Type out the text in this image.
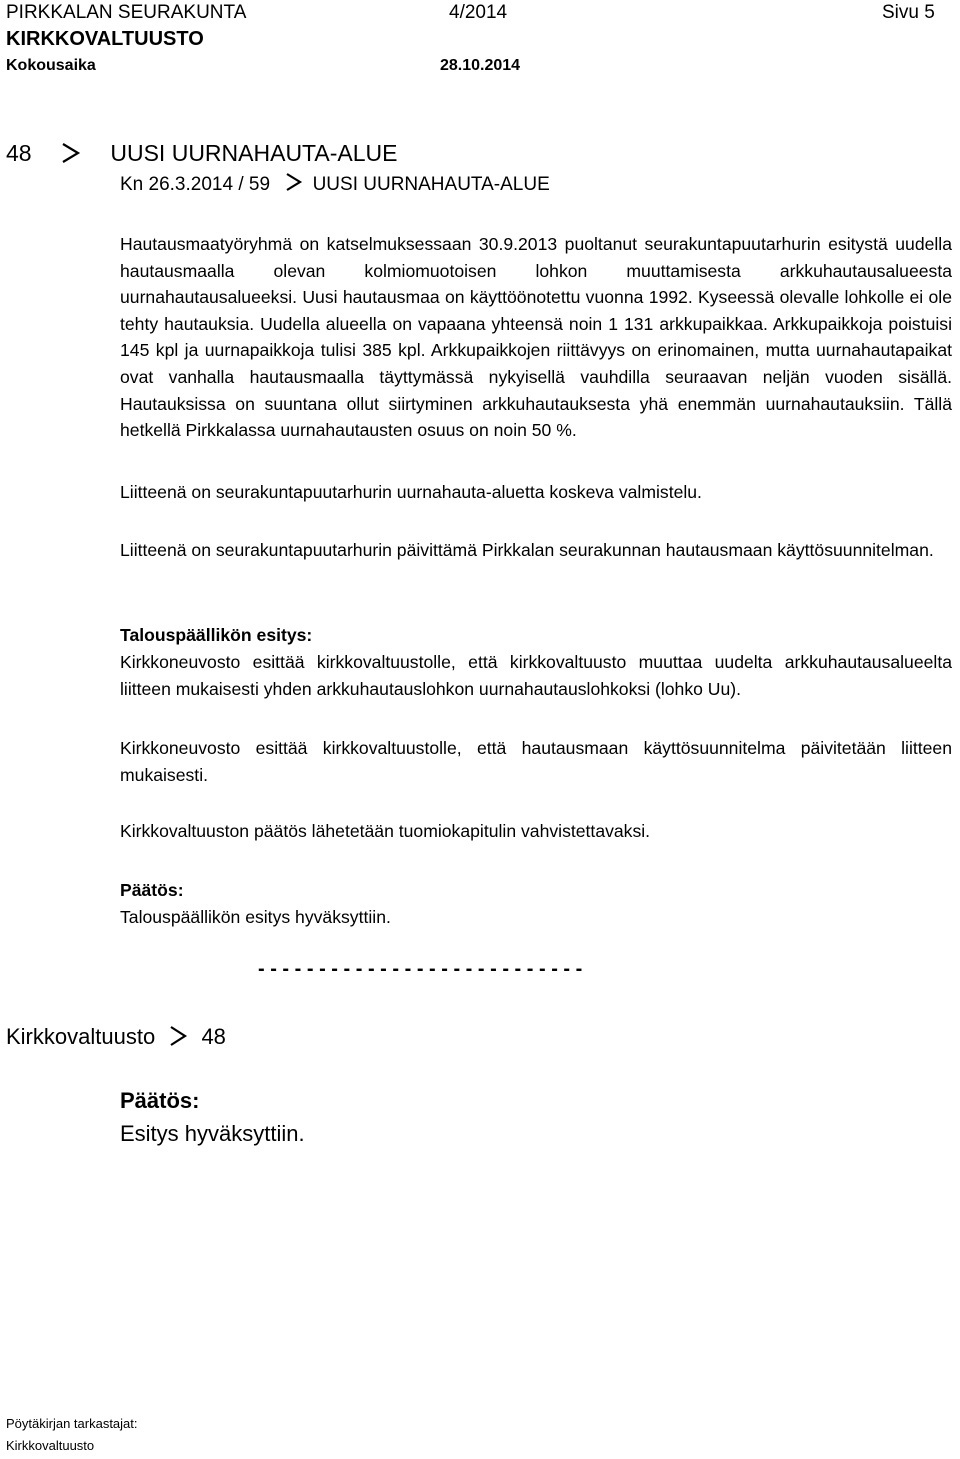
PIRKKALAN SEURAKUNTA	4/2014	Sivu 5
KIRKKOVALTUUSTO
Kokousaika	28.10.2014
48	UUSI UURNAHAUTA-ALUE
Kn 26.3.2014 / 59 UUSI UURNAHAUTA-ALUE
Hautausmaatyöryhmä on katselmuksessaan 30.9.2013 puoltanut seurakuntapuutarhurin esitystä uudella hautausmaalla olevan kolmiomuotoisen lohkon muuttamisesta arkkuhautausalueesta uurnahautausalueeksi. Uusi hautausmaa on käyttöönotettu vuonna 1992. Kyseessä olevalle lohkolle ei ole tehty hautauksia. Uudella alueella on vapaana yhteensä noin 1 131 arkkupaikkaa. Arkkupaikkoja poistuisi 145 kpl ja uurnapaikkoja tulisi 385 kpl. Arkkupaikkojen riittävyys on erinomainen, mutta uurnahautapaikat ovat vanhalla hautausmaalla täyttymässä nykyisellä vauhdilla seuraavan neljän vuoden sisällä. Hautauksissa on suuntana ollut siirtyminen arkkuhautauksesta yhä enemmän uurnahautauksiin. Tällä hetkellä Pirkkalassa uurnahautausten osuus on noin 50 %.
Liitteenä on seurakuntapuutarhurin uurnahauta-aluetta koskeva valmistelu.
Liitteenä on seurakuntapuutarhurin päivittämä Pirkkalan seurakunnan hautausmaan käyttösuunnitelman.
Talouspäällikön esitys:
Kirkkoneuvosto esittää kirkkovaltuustolle, että kirkkovaltuusto muuttaa uudelta arkkuhautausalueelta liitteen mukaisesti yhden arkkuhautauslohkon uurnahautauslohkoksi (lohko Uu).
Kirkkoneuvosto esittää kirkkovaltuustolle, että hautausmaan käyttösuunnitelma päivitetään liitteen mukaisesti.
Kirkkovaltuuston päätös lähetetään tuomiokapitulin vahvistettavaksi.
Päätös:
Talouspäällikön esitys hyväksyttiin.
- - - - - - - - - - - - - - - - - - - - - - - - - - -
Kirkkovaltuusto 48
Päätös:
Esitys hyväksyttiin.
Pöytäkirjan tarkastajat:
Kirkkovaltuusto
